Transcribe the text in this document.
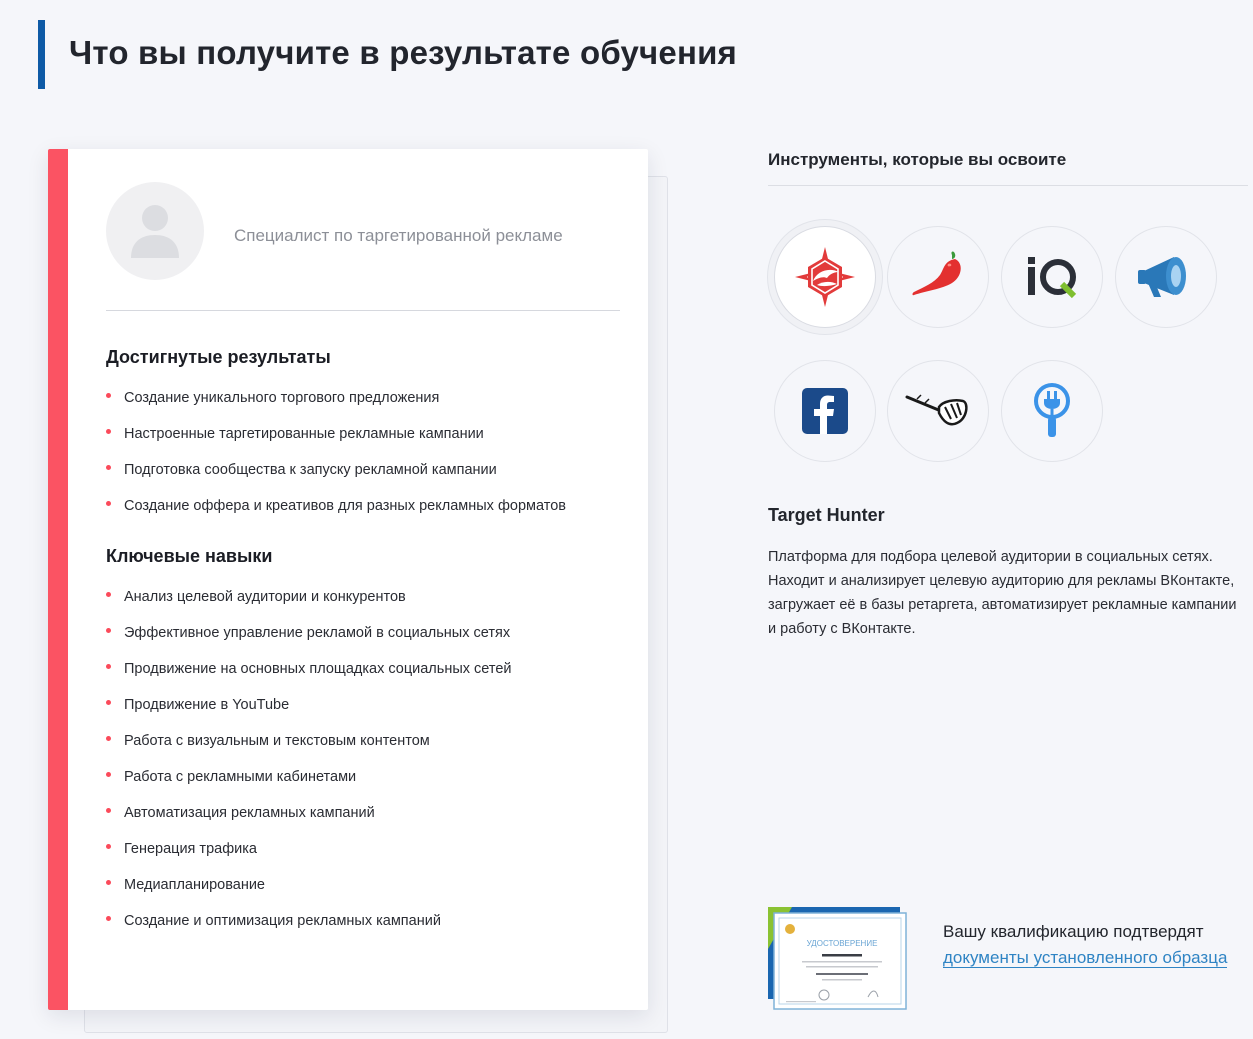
Что вы получите в результате обучения
Специалист по таргетированной рекламе
Достигнутые результаты
Создание уникального торгового предложения
Настроенные таргетированные рекламные кампании
Подготовка сообщества к запуску рекламной кампании
Создание оффера и креативов для разных рекламных форматов
Ключевые навыки
Анализ целевой аудитории и конкурентов
Эффективное управление рекламой в социальных сетях
Продвижение на основных площадках социальных сетей
Продвижение в YouTube
Работа с визуальным и текстовым контентом
Работа с рекламными кабинетами
Автоматизация рекламных кампаний
Генерация трафика
Медиапланирование
Создание и оптимизация рекламных кампаний
Инструменты, которые вы освоите
Target Hunter

Платформа для подбора целевой аудитории в социальных сетях. Находит и анализирует целевую аудиторию для рекламы ВКонтакте, загружает её в базы ретаргета, автоматизирует рекламные кампании и работу с ВКонтакте.

УДОСТОВЕРЕНИЕ
Вашу квалификацию подтвердят документы установленного образца
